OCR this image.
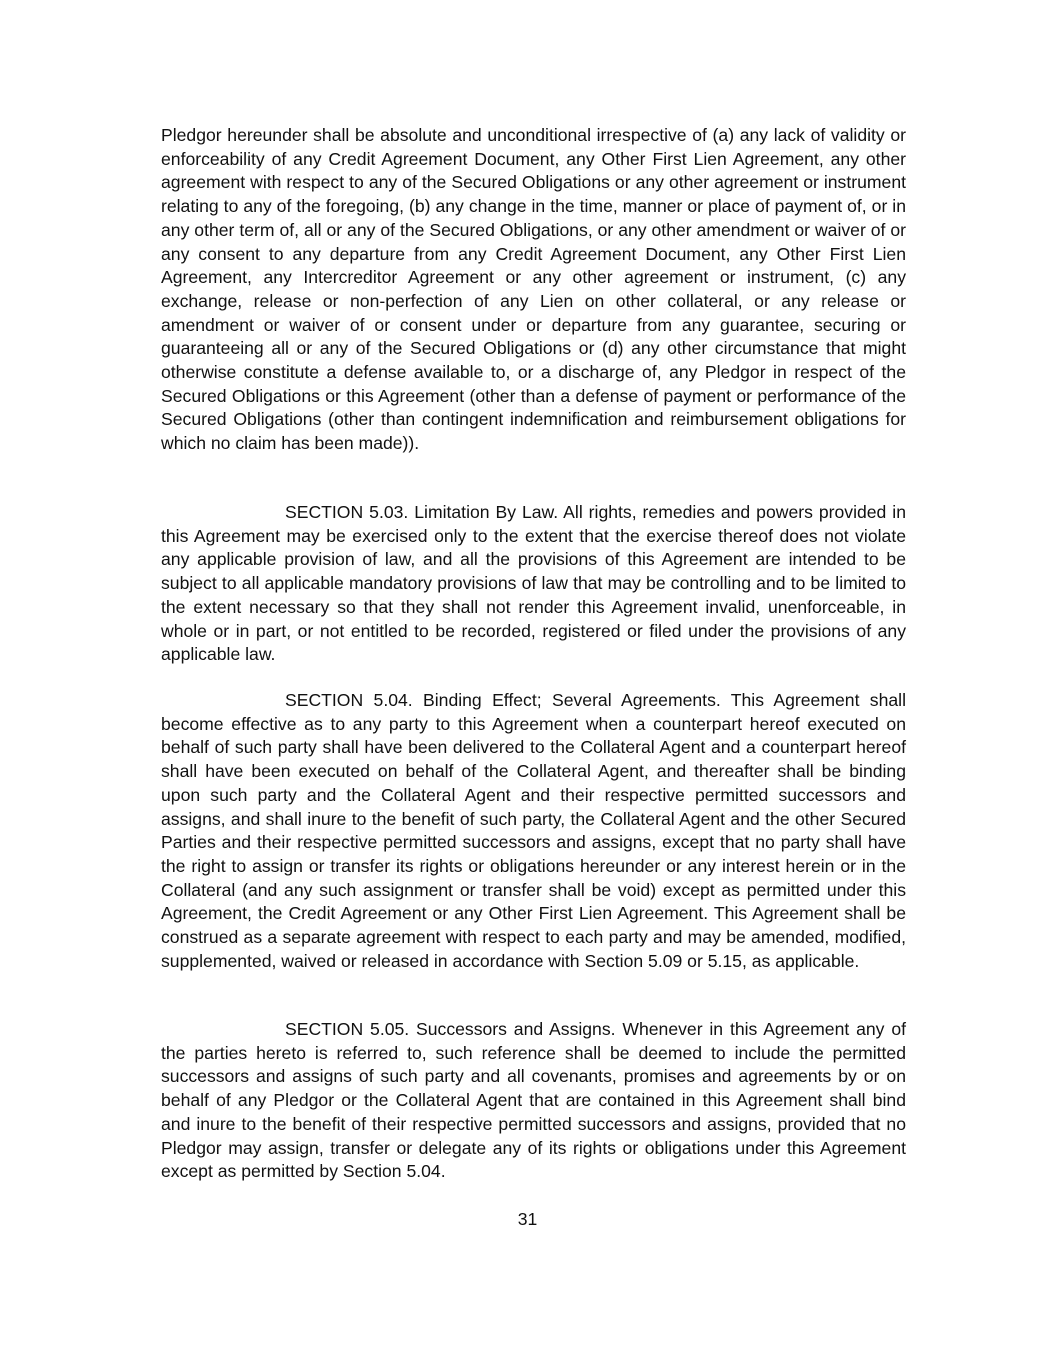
Pledgor hereunder shall be absolute and unconditional irrespective of (a) any lack of validity or enforceability of any Credit Agreement Document, any Other First Lien Agreement, any other agreement with respect to any of the Secured Obligations or any other agreement or instrument relating to any of the foregoing, (b) any change in the time, manner or place of payment of, or in any other term of, all or any of the Secured Obligations, or any other amendment or waiver of or any consent to any departure from any Credit Agreement Document, any Other First Lien Agreement, any Intercreditor Agreement or any other agreement or instrument, (c) any exchange, release or non-perfection of any Lien on other collateral, or any release or amendment or waiver of or consent under or departure from any guarantee, securing or guaranteeing all or any of the Secured Obligations or (d) any other circumstance that might otherwise constitute a defense available to, or a discharge of, any Pledgor in respect of the Secured Obligations or this Agreement (other than a defense of payment or performance of the Secured Obligations (other than contingent indemnification and reimbursement obligations for which no claim has been made)).

SECTION 5.03. Limitation By Law. All rights, remedies and powers provided in this Agreement may be exercised only to the extent that the exercise thereof does not violate any applicable provision of law, and all the provisions of this Agreement are intended to be subject to all applicable mandatory provisions of law that may be controlling and to be limited to the extent necessary so that they shall not render this Agreement invalid, unenforceable, in whole or in part, or not entitled to be recorded, registered or filed under the provisions of any applicable law.

SECTION 5.04. Binding Effect; Several Agreements. This Agreement shall become effective as to any party to this Agreement when a counterpart hereof executed on behalf of such party shall have been delivered to the Collateral Agent and a counterpart hereof shall have been executed on behalf of the Collateral Agent, and thereafter shall be binding upon such party and the Collateral Agent and their respective permitted successors and assigns, and shall inure to the benefit of such party, the Collateral Agent and the other Secured Parties and their respective permitted successors and assigns, except that no party shall have the right to assign or transfer its rights or obligations hereunder or any interest herein or in the Collateral (and any such assignment or transfer shall be void) except as permitted under this Agreement, the Credit Agreement or any Other First Lien Agreement. This Agreement shall be construed as a separate agreement with respect to each party and may be amended, modified, supplemented, waived or released in accordance with Section 5.09 or 5.15, as applicable.

SECTION 5.05. Successors and Assigns. Whenever in this Agreement any of the parties hereto is referred to, such reference shall be deemed to include the permitted successors and assigns of such party and all covenants, promises and agreements by or on behalf of any Pledgor or the Collateral Agent that are contained in this Agreement shall bind and inure to the benefit of their respective permitted successors and assigns, provided that no Pledgor may assign, transfer or delegate any of its rights or obligations under this Agreement except as permitted by Section 5.04.

31
